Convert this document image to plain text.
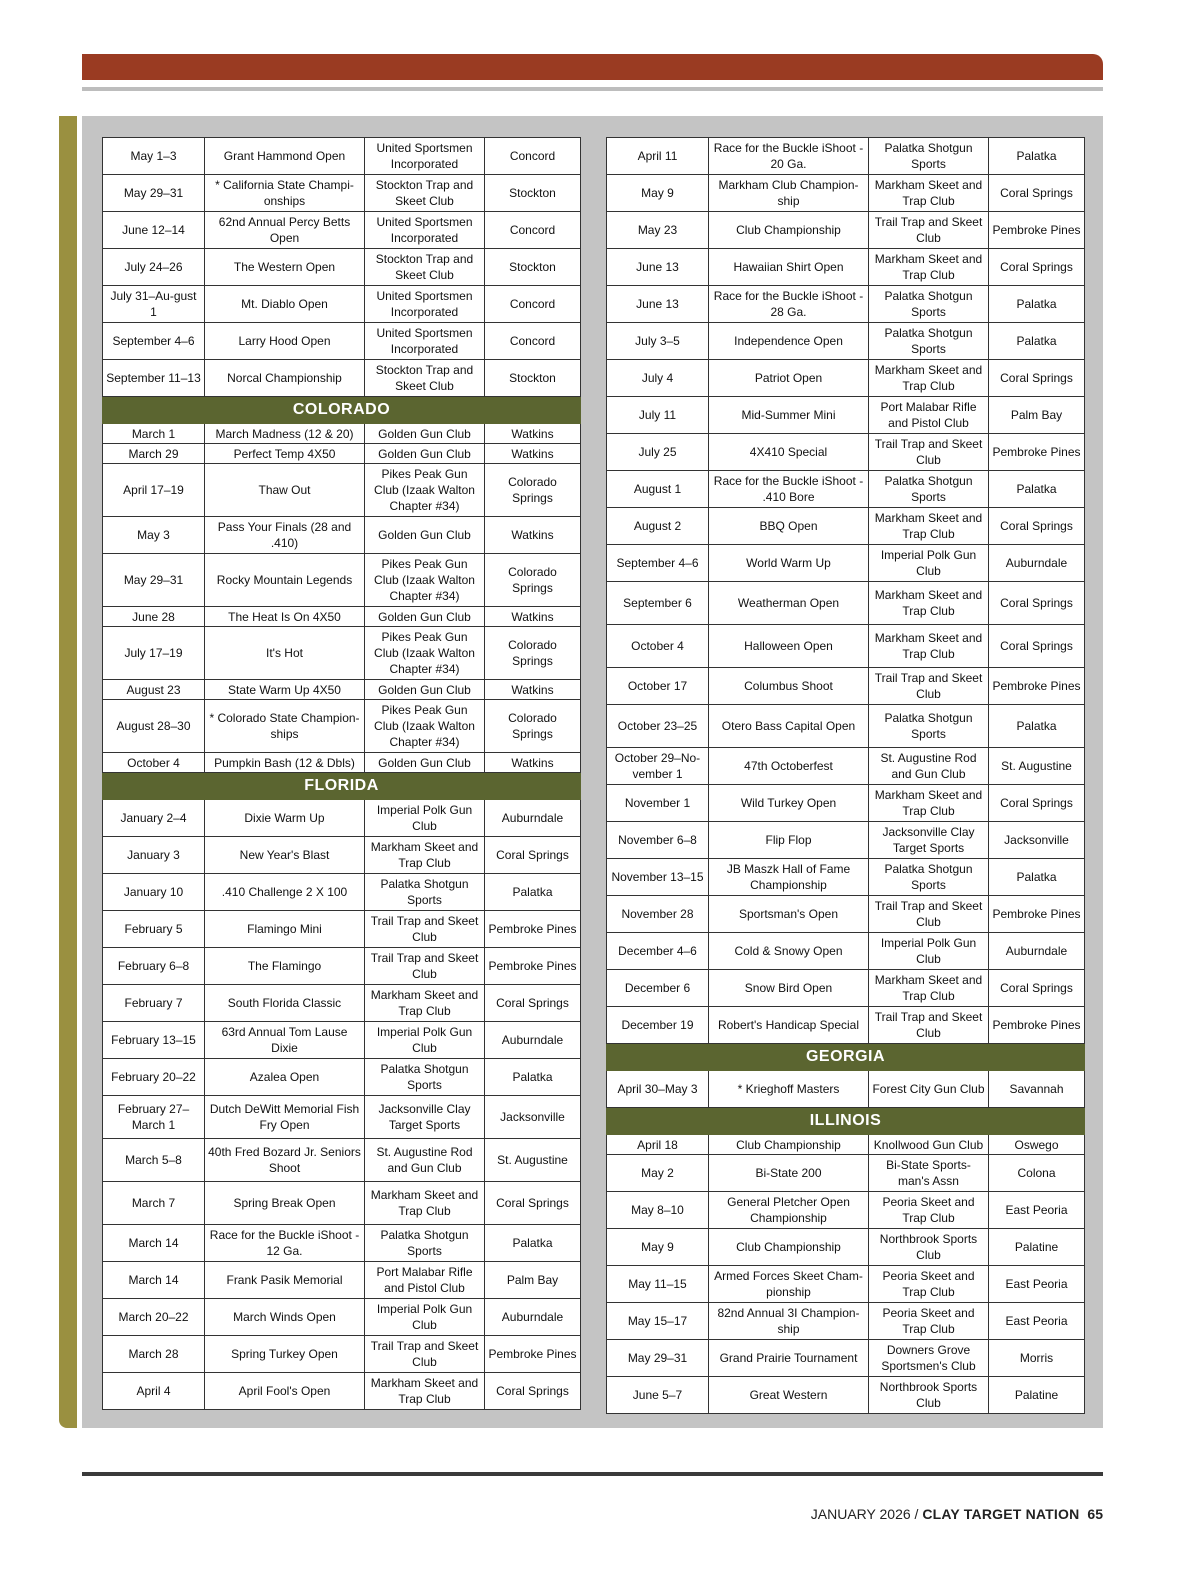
May 1–3	Grant Hammond Open	United Sportsmen Incorporated	Concord
May 29–31	* California State Champi-onships	Stockton Trap and Skeet Club	Stockton
June 12–14	62nd Annual Percy Betts Open	United Sportsmen Incorporated	Concord
July 24–26	The Western Open	Stockton Trap and Skeet Club	Stockton
July 31–Au-gust 1	Mt. Diablo Open	United Sportsmen Incorporated	Concord
September 4–6	Larry Hood Open	United Sportsmen Incorporated	Concord
September 11–13	Norcal Championship	Stockton Trap and Skeet Club	Stockton
COLORADO			
March 1	March Madness (12 & 20)	Golden Gun Club	Watkins
March 29	Perfect Temp 4X50	Golden Gun Club	Watkins
April 17–19	Thaw Out	Pikes Peak Gun Club (Izaak Walton Chapter #34)	Colorado Springs
May 3	Pass Your Finals (28 and .410)	Golden Gun Club	Watkins
May 29–31	Rocky Mountain Legends	Pikes Peak Gun Club (Izaak Walton Chapter #34)	Colorado Springs
June 28	The Heat Is On 4X50	Golden Gun Club	Watkins
July 17–19	It's Hot	Pikes Peak Gun Club (Izaak Walton Chapter #34)	Colorado Springs
August 23	State Warm Up 4X50	Golden Gun Club	Watkins
August 28–30	* Colorado State Champion-ships	Pikes Peak Gun Club (Izaak Walton Chapter #34)	Colorado Springs
October 4	Pumpkin Bash (12 & Dbls)	Golden Gun Club	Watkins
FLORIDA			
January 2–4	Dixie Warm Up	Imperial Polk Gun Club	Auburndale
January 3	New Year's Blast	Markham Skeet and Trap Club	Coral Springs
January 10	.410 Challenge 2 X 100	Palatka Shotgun Sports	Palatka
February 5	Flamingo Mini	Trail Trap and Skeet Club	Pembroke Pines
February 6–8	The Flamingo	Trail Trap and Skeet Club	Pembroke Pines
February 7	South Florida Classic	Markham Skeet and Trap Club	Coral Springs
February 13–15	63rd Annual Tom Lause Dixie	Imperial Polk Gun Club	Auburndale
February 20–22	Azalea Open	Palatka Shotgun Sports	Palatka
February 27–March 1	Dutch DeWitt Memorial Fish Fry Open	Jacksonville Clay Target Sports	Jacksonville
March 5–8	40th Fred Bozard Jr. Seniors Shoot	St. Augustine Rod and Gun Club	St. Augustine
March 7	Spring Break Open	Markham Skeet and Trap Club	Coral Springs
March 14	Race for the Buckle iShoot - 12 Ga.	Palatka Shotgun Sports	Palatka
March 14	Frank Pasik Memorial	Port Malabar Rifle and Pistol Club	Palm Bay
March 20–22	March Winds Open	Imperial Polk Gun Club	Auburndale
March 28	Spring Turkey Open	Trail Trap and Skeet Club	Pembroke Pines
April 4	April Fool's Open	Markham Skeet and Trap Club	Coral Springs
April 11	Race for the Buckle iShoot - 20 Ga.	Palatka Shotgun Sports	Palatka
May 9	Markham Club Champion-ship	Markham Skeet and Trap Club	Coral Springs
May 23	Club Championship	Trail Trap and Skeet Club	Pembroke Pines
June 13	Hawaiian Shirt Open	Markham Skeet and Trap Club	Coral Springs
June 13	Race for the Buckle iShoot - 28 Ga.	Palatka Shotgun Sports	Palatka
July 3–5	Independence Open	Palatka Shotgun Sports	Palatka
July 4	Patriot Open	Markham Skeet and Trap Club	Coral Springs
July 11	Mid-Summer Mini	Port Malabar Rifle and Pistol Club	Palm Bay
July 25	4X410 Special	Trail Trap and Skeet Club	Pembroke Pines
August 1	Race for the Buckle iShoot - .410 Bore	Palatka Shotgun Sports	Palatka
August 2	BBQ Open	Markham Skeet and Trap Club	Coral Springs
September 4–6	World Warm Up	Imperial Polk Gun Club	Auburndale
September 6	Weatherman Open	Markham Skeet and Trap Club	Coral Springs
October 4	Halloween Open	Markham Skeet and Trap Club	Coral Springs
October 17	Columbus Shoot	Trail Trap and Skeet Club	Pembroke Pines
October 23–25	Otero Bass Capital Open	Palatka Shotgun Sports	Palatka
October 29–No-vember 1	47th Octoberfest	St. Augustine Rod and Gun Club	St. Augustine
November 1	Wild Turkey Open	Markham Skeet and Trap Club	Coral Springs
November 6–8	Flip Flop	Jacksonville Clay Target Sports	Jacksonville
November 13–15	JB Maszk Hall of Fame Championship	Palatka Shotgun Sports	Palatka
November 28	Sportsman's Open	Trail Trap and Skeet Club	Pembroke Pines
December 4–6	Cold & Snowy Open	Imperial Polk Gun Club	Auburndale
December 6	Snow Bird Open	Markham Skeet and Trap Club	Coral Springs
December 19	Robert's Handicap Special	Trail Trap and Skeet Club	Pembroke Pines
GEORGIA			
April 30–May 3	* Krieghoff Masters	Forest City Gun Club	Savannah
ILLINOIS			
April 18	Club Championship	Knollwood Gun Club	Oswego
May 2	Bi-State 200	Bi-State Sports-man's Assn	Colona
May 8–10	General Pletcher Open Championship	Peoria Skeet and Trap Club	East Peoria
May 9	Club Championship	Northbrook Sports Club	Palatine
May 11–15	Armed Forces Skeet Cham-pionship	Peoria Skeet and Trap Club	East Peoria
May 15–17	82nd Annual 3I Champion-ship	Peoria Skeet and Trap Club	East Peoria
May 29–31	Grand Prairie Tournament	Downers Grove Sportsmen's Club	Morris
June 5–7	Great Western	Northbrook Sports Club	Palatine
JANUARY 2026 / CLAY TARGET NATION 65
